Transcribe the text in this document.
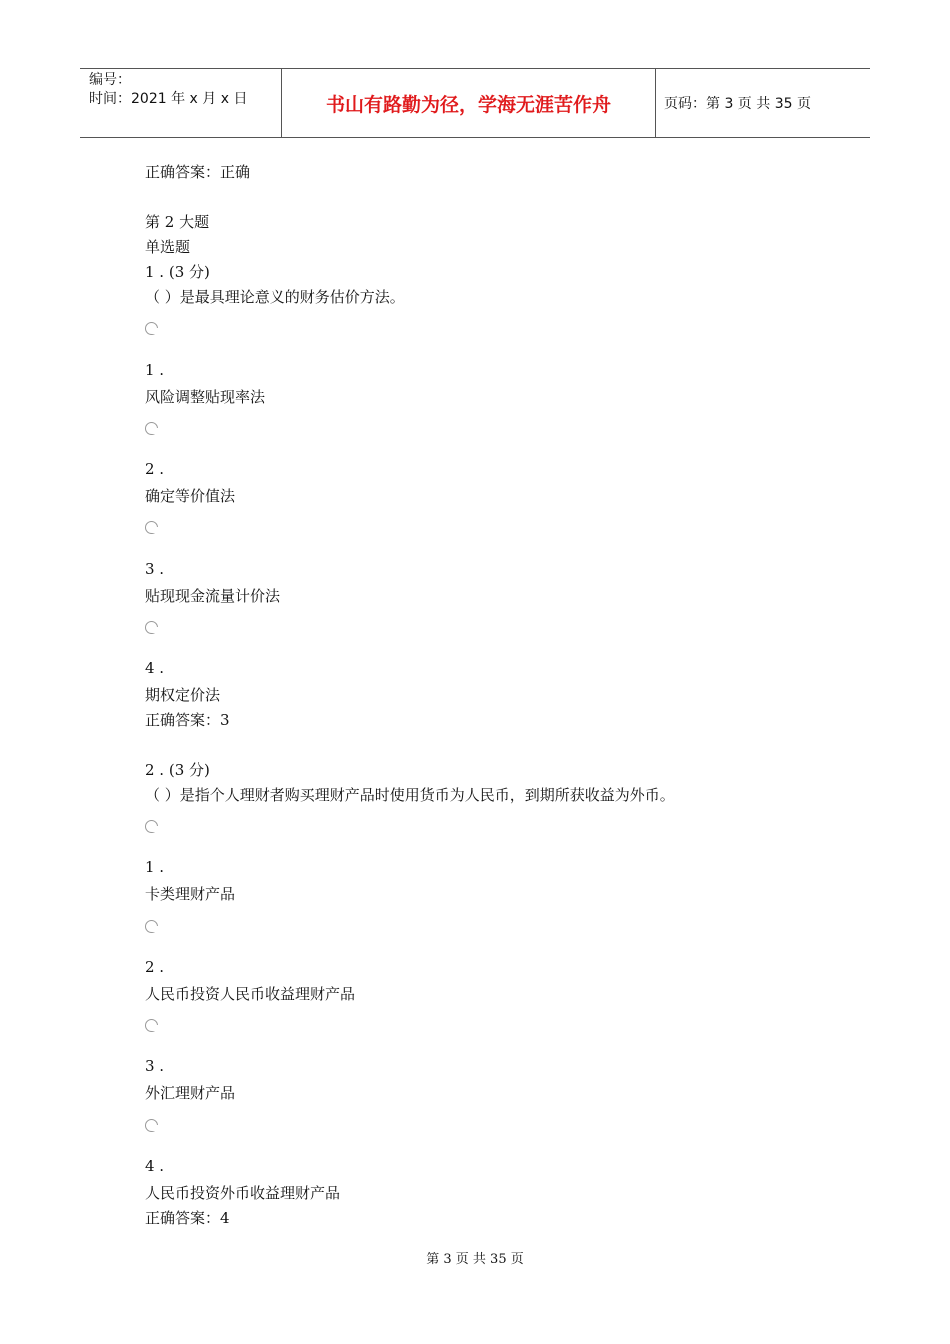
编号：
时间：2021 年 x 月 x 日	书山有路勤为径，学海无涯苦作舟	页码：第 3 页 共 35 页
正确答案：正确
第 2 大题
单选题
1 . (3 分)
（ ）是最具理论意义的财务估价方法。
1 .
风险调整贴现率法
2 .
确定等价值法
3 .
贴现现金流量计价法
4 .
期权定价法
正确答案：3
2 . (3 分)
（ ）是指个人理财者购买理财产品时使用货币为人民币，到期所获收益为外币。
1 .
卡类理财产品
2 .
人民币投资人民币收益理财产品
3 .
外汇理财产品
4 .
人民币投资外币收益理财产品
正确答案：4
第 3 页 共 35 页
